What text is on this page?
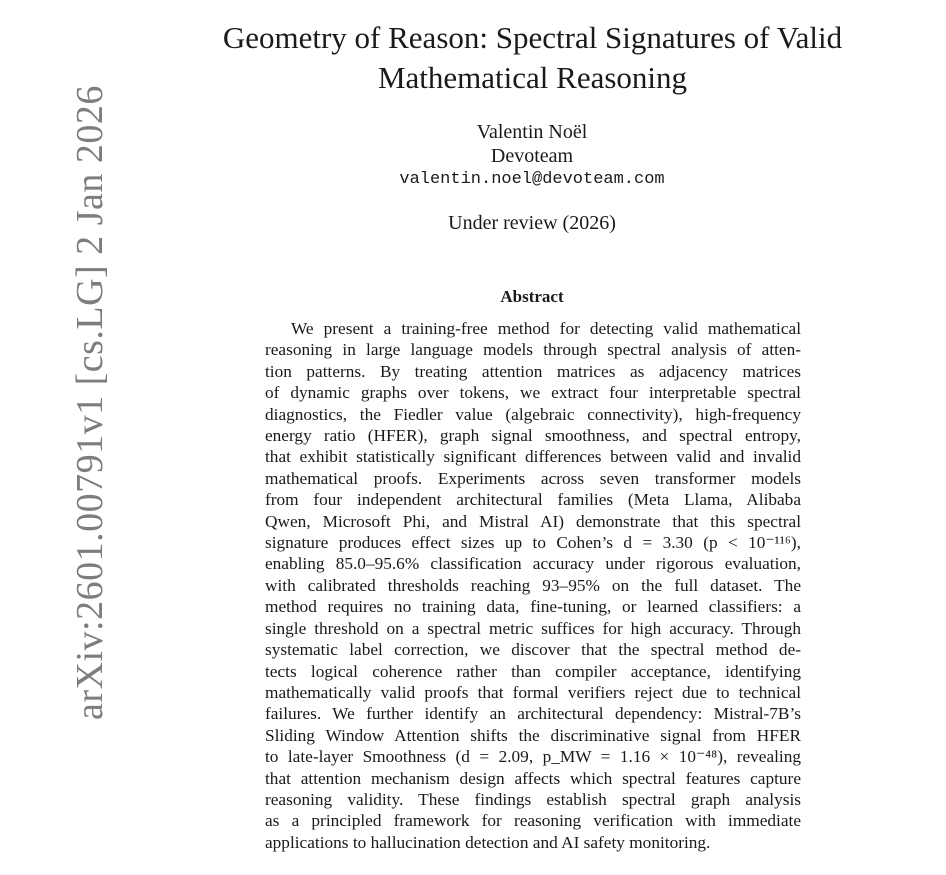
arXiv:2601.00791v1 [cs.LG] 2 Jan 2026
Geometry of Reason: Spectral Signatures of Valid
Mathematical Reasoning
Valentin Noël
Devoteam
valentin.noel@devoteam.com
Under review (2026)
Abstract
We present a training-free method for detecting valid mathematical
reasoning in large language models through spectral analysis of atten-
tion patterns. By treating attention matrices as adjacency matrices
of dynamic graphs over tokens, we extract four interpretable spectral
diagnostics, the Fiedler value (algebraic connectivity), high-frequency
energy ratio (HFER), graph signal smoothness, and spectral entropy,
that exhibit statistically significant differences between valid and invalid
mathematical proofs. Experiments across seven transformer models
from four independent architectural families (Meta Llama, Alibaba
Qwen, Microsoft Phi, and Mistral AI) demonstrate that this spectral
signature produces effect sizes up to Cohen’s d = 3.30 (p < 10⁻¹¹⁶),
enabling 85.0–95.6% classification accuracy under rigorous evaluation,
with calibrated thresholds reaching 93–95% on the full dataset. The
method requires no training data, fine-tuning, or learned classifiers: a
single threshold on a spectral metric suffices for high accuracy. Through
systematic label correction, we discover that the spectral method de-
tects logical coherence rather than compiler acceptance, identifying
mathematically valid proofs that formal verifiers reject due to technical
failures. We further identify an architectural dependency: Mistral-7B’s
Sliding Window Attention shifts the discriminative signal from HFER
to late-layer Smoothness (d = 2.09, p_MW = 1.16 × 10⁻⁴⁸), revealing
that attention mechanism design affects which spectral features capture
reasoning validity. These findings establish spectral graph analysis
as a principled framework for reasoning verification with immediate
applications to hallucination detection and AI safety monitoring.
